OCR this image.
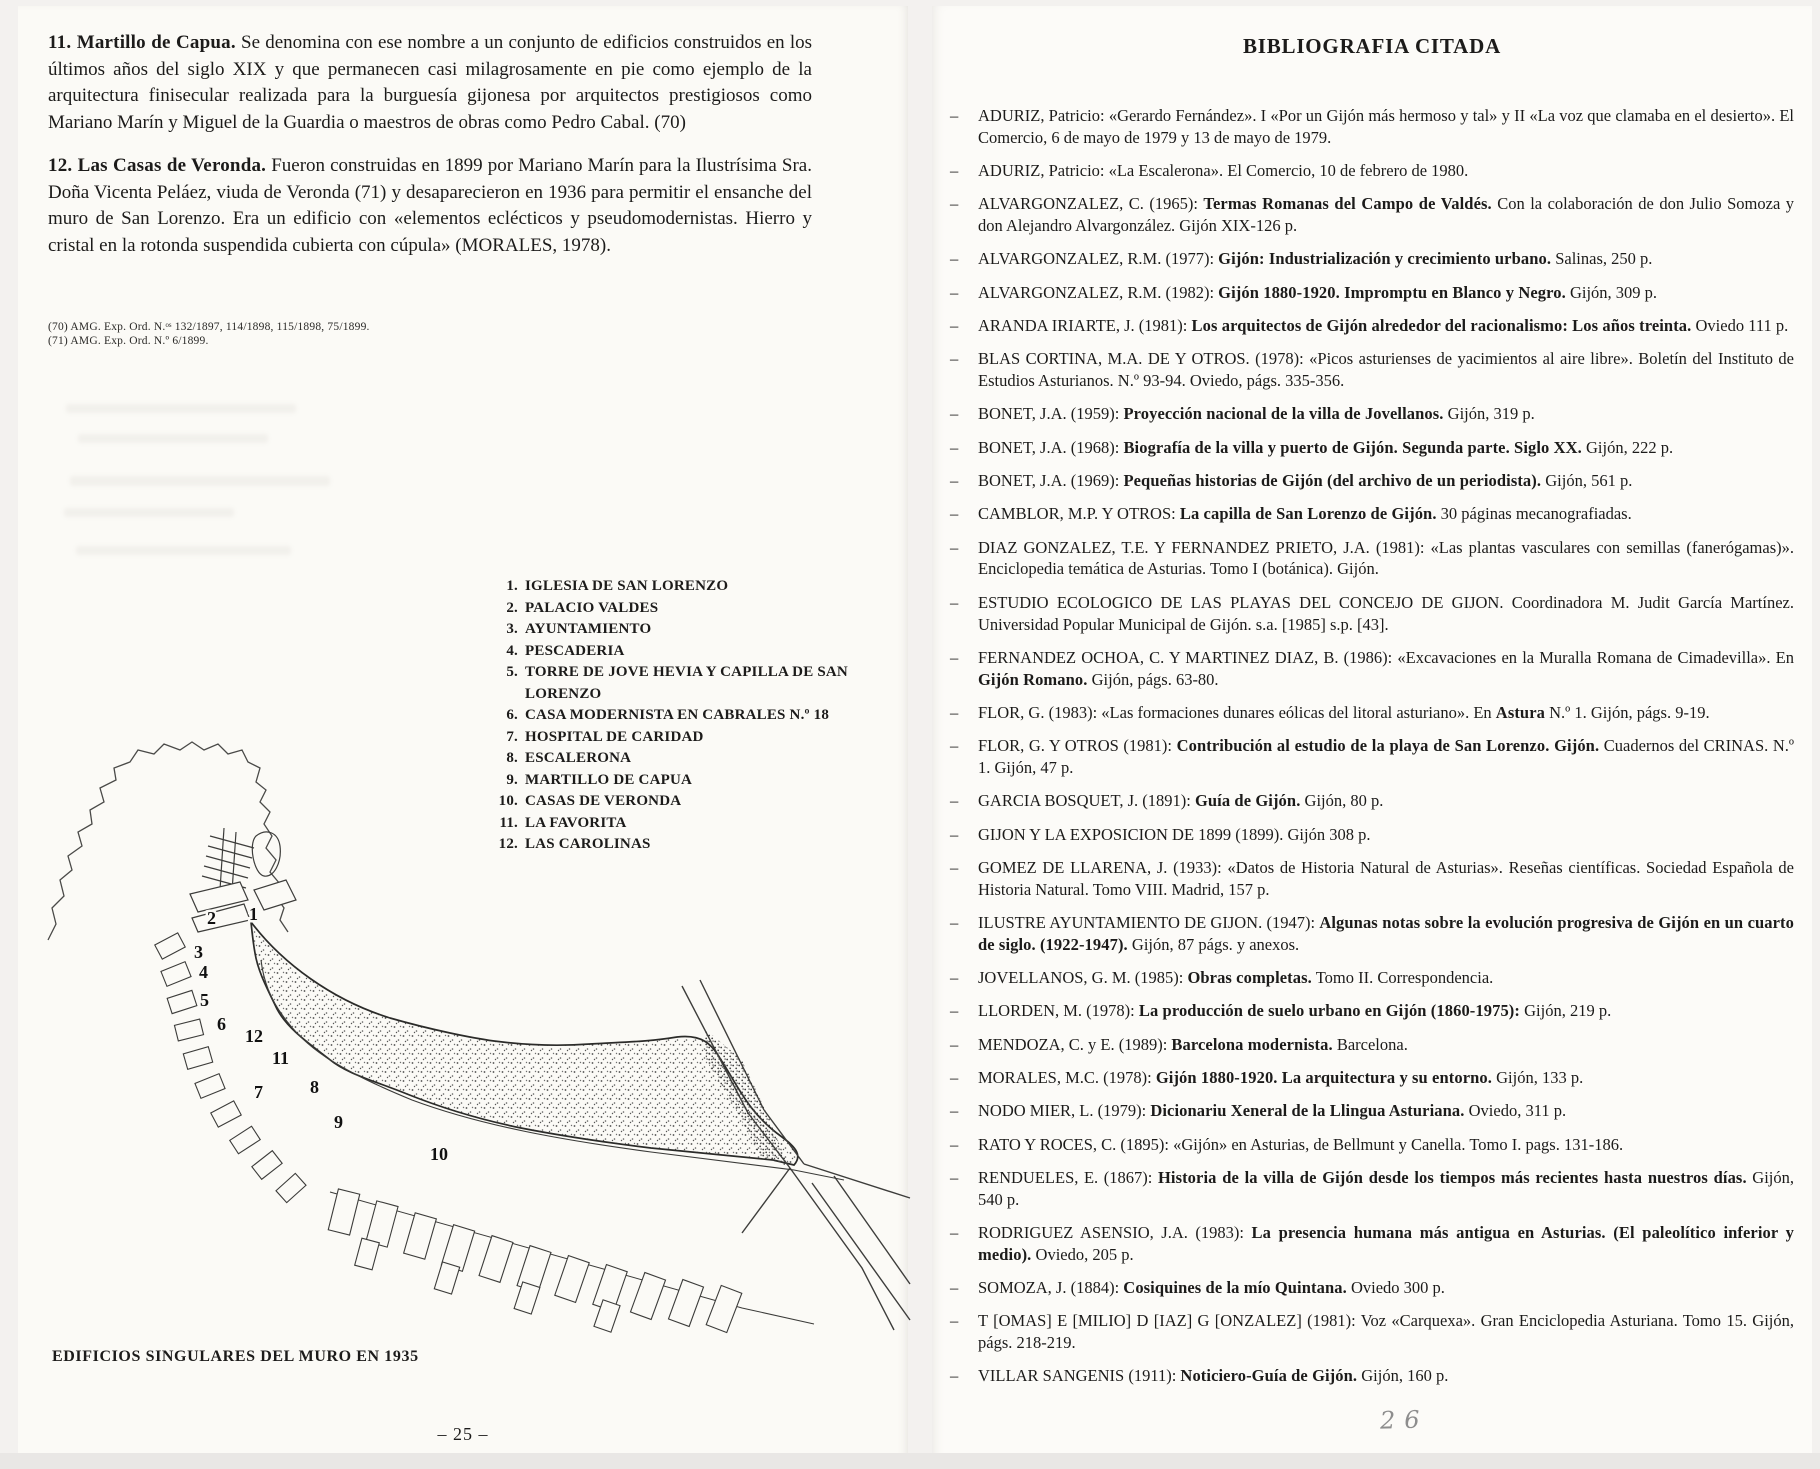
11. Martillo de Capua. Se denomina con ese nombre a un conjunto de edificios construidos en los últimos años del siglo XIX y que permanecen casi milagrosamente en pie como ejemplo de la arquitectura finisecular realizada para la burguesía gijonesa por arquitectos prestigiosos como Mariano Marín y Miguel de la Guardia o maestros de obras como Pedro Cabal. (70)

12. Las Casas de Veronda. Fueron construidas en 1899 por Mariano Marín para la Ilustrísima Sra. Doña Vicenta Peláez, viuda de Veronda (71) y desaparecieron en 1936 para permitir el ensanche del muro de San Lorenzo. Era un edificio con «elementos eclécticos y pseudomodernistas. Hierro y cristal en la rotonda suspendida cubierta con cúpula» (MORALES, 1978).

(70) AMG. Exp. Ord. N.ᵒˢ 132/1897, 114/1898, 115/1898, 75/1899.
(71) AMG. Exp. Ord. N.º 6/1899.
1. IGLESIA DE SAN LORENZO
2. PALACIO VALDES
3. AYUNTAMIENTO
4. PESCADERIA
5. TORRE DE JOVE HEVIA Y CAPILLA DE SAN LORENZO
6. CASA MODERNISTA EN CABRALES N.º 18
7. HOSPITAL DE CARIDAD
8. ESCALERONA
9. MARTILLO DE CAPUA
10. CASAS DE VERONDA
11. LA FAVORITA
12. LAS CAROLINAS
1
2
3
4
5
6
12
11
7	8
9
10
EDIFICIOS SINGULARES DEL MURO EN 1935
– 25 –
BIBLIOGRAFIA CITADA
– ADURIZ, Patricio: «Gerardo Fernández». I «Por un Gijón más hermoso y tal» y II «La voz que clamaba en el desierto». El Comercio, 6 de mayo de 1979 y 13 de mayo de 1979.
– ADURIZ, Patricio: «La Escalerona». El Comercio, 10 de febrero de 1980.
– ALVARGONZALEZ, C. (1965): Termas Romanas del Campo de Valdés. Con la colaboración de don Julio Somoza y don Alejandro Alvargonzález. Gijón XIX-126 p.
– ALVARGONZALEZ, R.M. (1977): Gijón: Industrialización y crecimiento urbano. Salinas, 250 p.
– ALVARGONZALEZ, R.M. (1982): Gijón 1880-1920. Impromptu en Blanco y Negro. Gijón, 309 p.
– ARANDA IRIARTE, J. (1981): Los arquitectos de Gijón alrededor del racionalismo: Los años treinta. Oviedo 111 p.
– BLAS CORTINA, M.A. DE Y OTROS. (1978): «Picos asturienses de yacimientos al aire libre». Boletín del Instituto de Estudios Asturianos. N.º 93-94. Oviedo, págs. 335-356.
– BONET, J.A. (1959): Proyección nacional de la villa de Jovellanos. Gijón, 319 p.
– BONET, J.A. (1968): Biografía de la villa y puerto de Gijón. Segunda parte. Siglo XX. Gijón, 222 p.
– BONET, J.A. (1969): Pequeñas historias de Gijón (del archivo de un periodista). Gijón, 561 p.
– CAMBLOR, M.P. Y OTROS: La capilla de San Lorenzo de Gijón. 30 páginas mecanografiadas.
– DIAZ GONZALEZ, T.E. Y FERNANDEZ PRIETO, J.A. (1981): «Las plantas vasculares con semillas (fanerógamas)». Enciclopedia temática de Asturias. Tomo I (botánica). Gijón.
– ESTUDIO ECOLOGICO DE LAS PLAYAS DEL CONCEJO DE GIJON. Coordinadora M. Judit García Martínez. Universidad Popular Municipal de Gijón. s.a. [1985] s.p. [43].
– FERNANDEZ OCHOA, C. Y MARTINEZ DIAZ, B. (1986): «Excavaciones en la Muralla Romana de Cimadevilla». En Gijón Romano. Gijón, págs. 63-80.
– FLOR, G. (1983): «Las formaciones dunares eólicas del litoral asturiano». En Astura N.º 1. Gijón, págs. 9-19.
– FLOR, G. Y OTROS (1981): Contribución al estudio de la playa de San Lorenzo. Gijón. Cuadernos del CRINAS. N.º 1. Gijón, 47 p.
– GARCIA BOSQUET, J. (1891): Guía de Gijón. Gijón, 80 p.
– GIJON Y LA EXPOSICION DE 1899 (1899). Gijón 308 p.
– GOMEZ DE LLARENA, J. (1933): «Datos de Historia Natural de Asturias». Reseñas científicas. Sociedad Española de Historia Natural. Tomo VIII. Madrid, 157 p.
– ILUSTRE AYUNTAMIENTO DE GIJON. (1947): Algunas notas sobre la evolución progresiva de Gijón en un cuarto de siglo. (1922-1947). Gijón, 87 págs. y anexos.
– JOVELLANOS, G. M. (1985): Obras completas. Tomo II. Correspondencia.
– LLORDEN, M. (1978): La producción de suelo urbano en Gijón (1860-1975): Gijón, 219 p.
– MENDOZA, C. y E. (1989): Barcelona modernista. Barcelona.
– MORALES, M.C. (1978): Gijón 1880-1920. La arquitectura y su entorno. Gijón, 133 p.
– NODO MIER, L. (1979): Dicionariu Xeneral de la Llingua Asturiana. Oviedo, 311 p.
– RATO Y ROCES, C. (1895): «Gijón» en Asturias, de Bellmunt y Canella. Tomo I. pags. 131-186.
– RENDUELES, E. (1867): Historia de la villa de Gijón desde los tiempos más recientes hasta nuestros días. Gijón, 540 p.
– RODRIGUEZ ASENSIO, J.A. (1983): La presencia humana más antigua en Asturias. (El paleolítico inferior y medio). Oviedo, 205 p.
– SOMOZA, J. (1884): Cosiquines de la mío Quintana. Oviedo 300 p.
– T [OMAS] E [MILIO] D [IAZ] G [ONZALEZ] (1981): Voz «Carquexa». Gran Enciclopedia Asturiana. Tomo 15. Gijón, págs. 218-219.
– VILLAR SANGENIS (1911): Noticiero-Guía de Gijón. Gijón, 160 p.
26
